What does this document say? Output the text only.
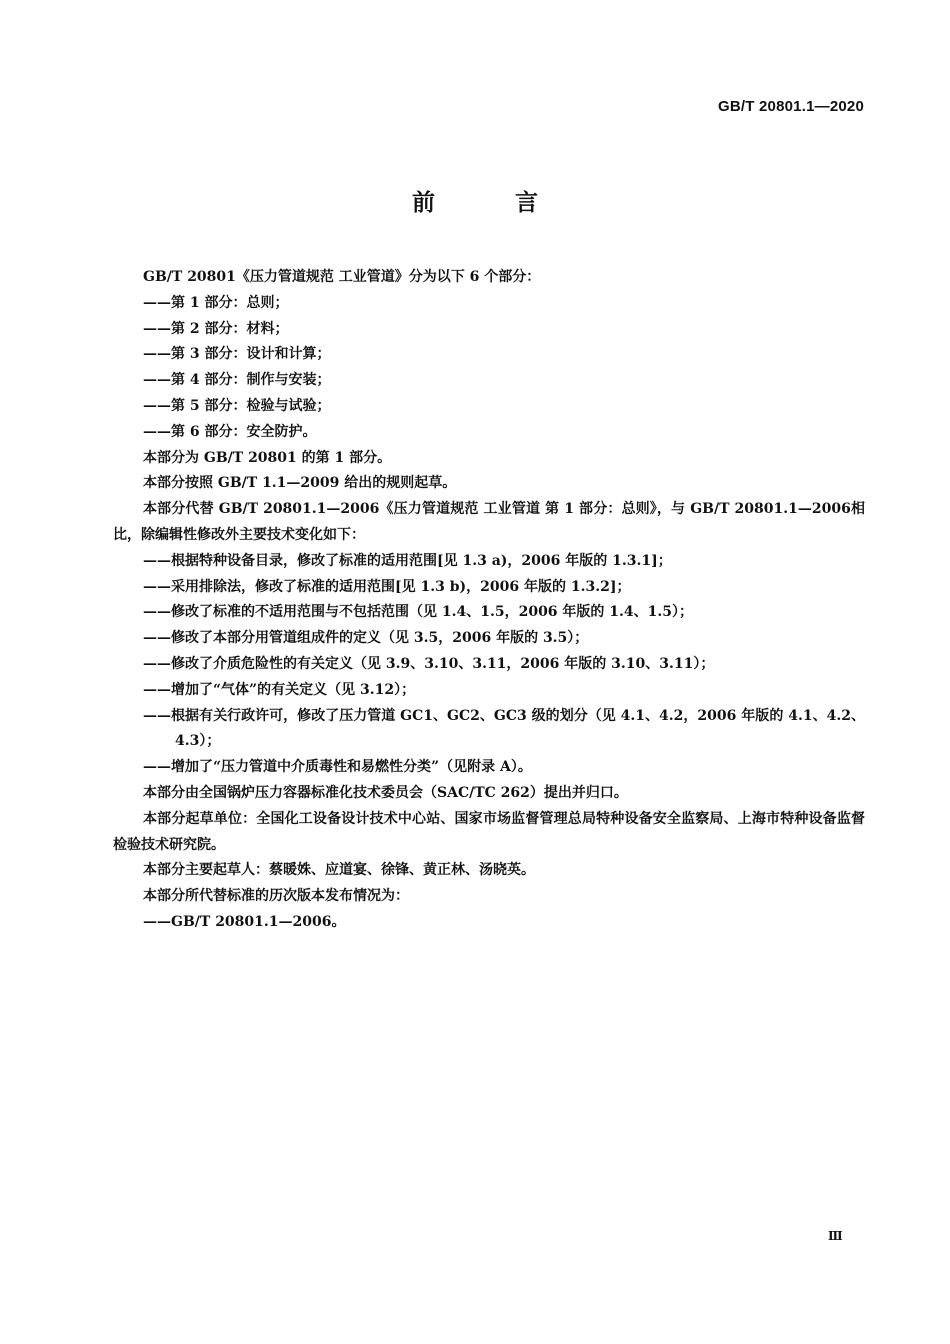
GB/T 20801.1—2020
前 言

GB/T 20801《压力管道规范 工业管道》分为以下 6 个部分：

——第 1 部分：总则；

——第 2 部分：材料；

——第 3 部分：设计和计算；

——第 4 部分：制作与安装；

——第 5 部分：检验与试验；

——第 6 部分：安全防护。

本部分为 GB/T 20801 的第 1 部分。

本部分按照 GB/T 1.1—2009 给出的规则起草。

本部分代替 GB/T 20801.1—2006《压力管道规范 工业管道 第 1 部分：总则》，与 GB/T 20801.1—2006相比，除编辑性修改外主要技术变化如下：

——根据特种设备目录，修改了标准的适用范围[见 1.3 a)，2006 年版的 1.3.1]；

——采用排除法，修改了标准的适用范围[见 1.3 b)，2006 年版的 1.3.2]；

——修改了标准的不适用范围与不包括范围（见 1.4、1.5，2006 年版的 1.4、1.5）；

——修改了本部分用管道组成件的定义（见 3.5，2006 年版的 3.5）；

——修改了介质危险性的有关定义（见 3.9、3.10、3.11，2006 年版的 3.10、3.11）；

——增加了“气体”的有关定义（见 3.12）；

——根据有关行政许可，修改了压力管道 GC1、GC2、GC3 级的划分（见 4.1、4.2，2006 年版的 4.1、4.2、4.3）；

——增加了“压力管道中介质毒性和易燃性分类”（见附录 A）。

本部分由全国锅炉压力容器标准化技术委员会（SAC/TC 262）提出并归口。

本部分起草单位：全国化工设备设计技术中心站、国家市场监督管理总局特种设备安全监察局、上海市特种设备监督检验技术研究院。

本部分主要起草人：蔡暖姝、应道宴、徐锋、黄正林、汤晓英。

本部分所代替标准的历次版本发布情况为：

——GB/T 20801.1—2006。

Ⅲ
